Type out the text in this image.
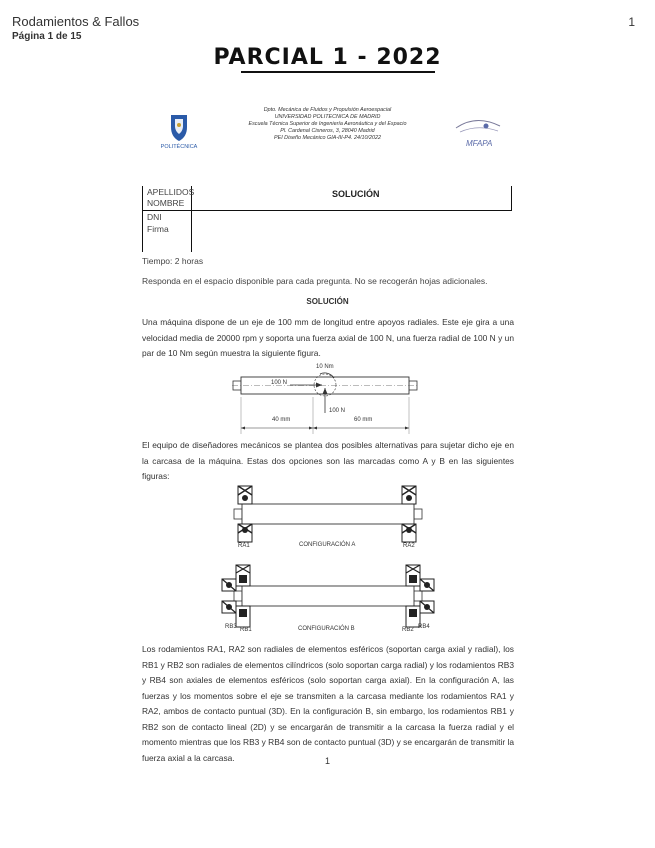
Rodamientos & Fallos
Página 1 de 15
1
PARCIAL 1 - 2022
POLITÉCNICA
Dpto. Mecánica de Fluidos y Propulsión Aeroespacial
UNIVERSIDAD POLITÉCNICA DE MADRID
Escuela Técnica Superior de Ingeniería Aeronáutica y del Espacio
Pl. Cardenal Cisneros, 3, 28040 Madrid
PEI Diseño Mecánico GIA-III-P4. 24/10/2022
MFAPA
APELLIDOS
NOMBRE
DNI
Firma
SOLUCIÓN
Tiempo: 2 horas
Responda en el espacio disponible para cada pregunta. No se recogerán hojas adicionales.
SOLUCIÓN
Una máquina dispone de un eje de 100 mm de longitud entre apoyos radiales. Este eje gira a una velocidad media de 20000 rpm y soporta una fuerza axial de 100 N, una fuerza radial de 100 N y un par de 10 Nm según muestra la siguiente figura.
10 Nm
100 N
100 N
40 mm	60 mm
El equipo de diseñadores mecánicos se plantea dos posibles alternativas para sujetar dicho eje en la carcasa de la máquina. Estas dos opciones son las marcadas como A y B en las siguientes figuras:
RA1	CONFIGURACIÓN A	RA2
RB3 RB1	CONFIGURACIÓN B	RB2 RB4
Los rodamientos RA1, RA2 son radiales de elementos esféricos (soportan carga axial y radial), los RB1 y RB2 son radiales de elementos cilíndricos (solo soportan carga radial) y los rodamientos RB3 y RB4 son axiales de elementos esféricos (solo soportan carga axial). En la configuración A, las fuerzas y los momentos sobre el eje se transmiten a la carcasa mediante los rodamientos RA1 y RA2, ambos de contacto puntual (3D). En la configuración B, sin embargo, los rodamientos RB1 y RB2 son de contacto lineal (2D) y se encargarán de transmitir a la carcasa la fuerza radial y el momento mientras que los RB3 y RB4 son de contacto puntual (3D) y se encargarán de transmitir la fuerza axial a la carcasa.	1
